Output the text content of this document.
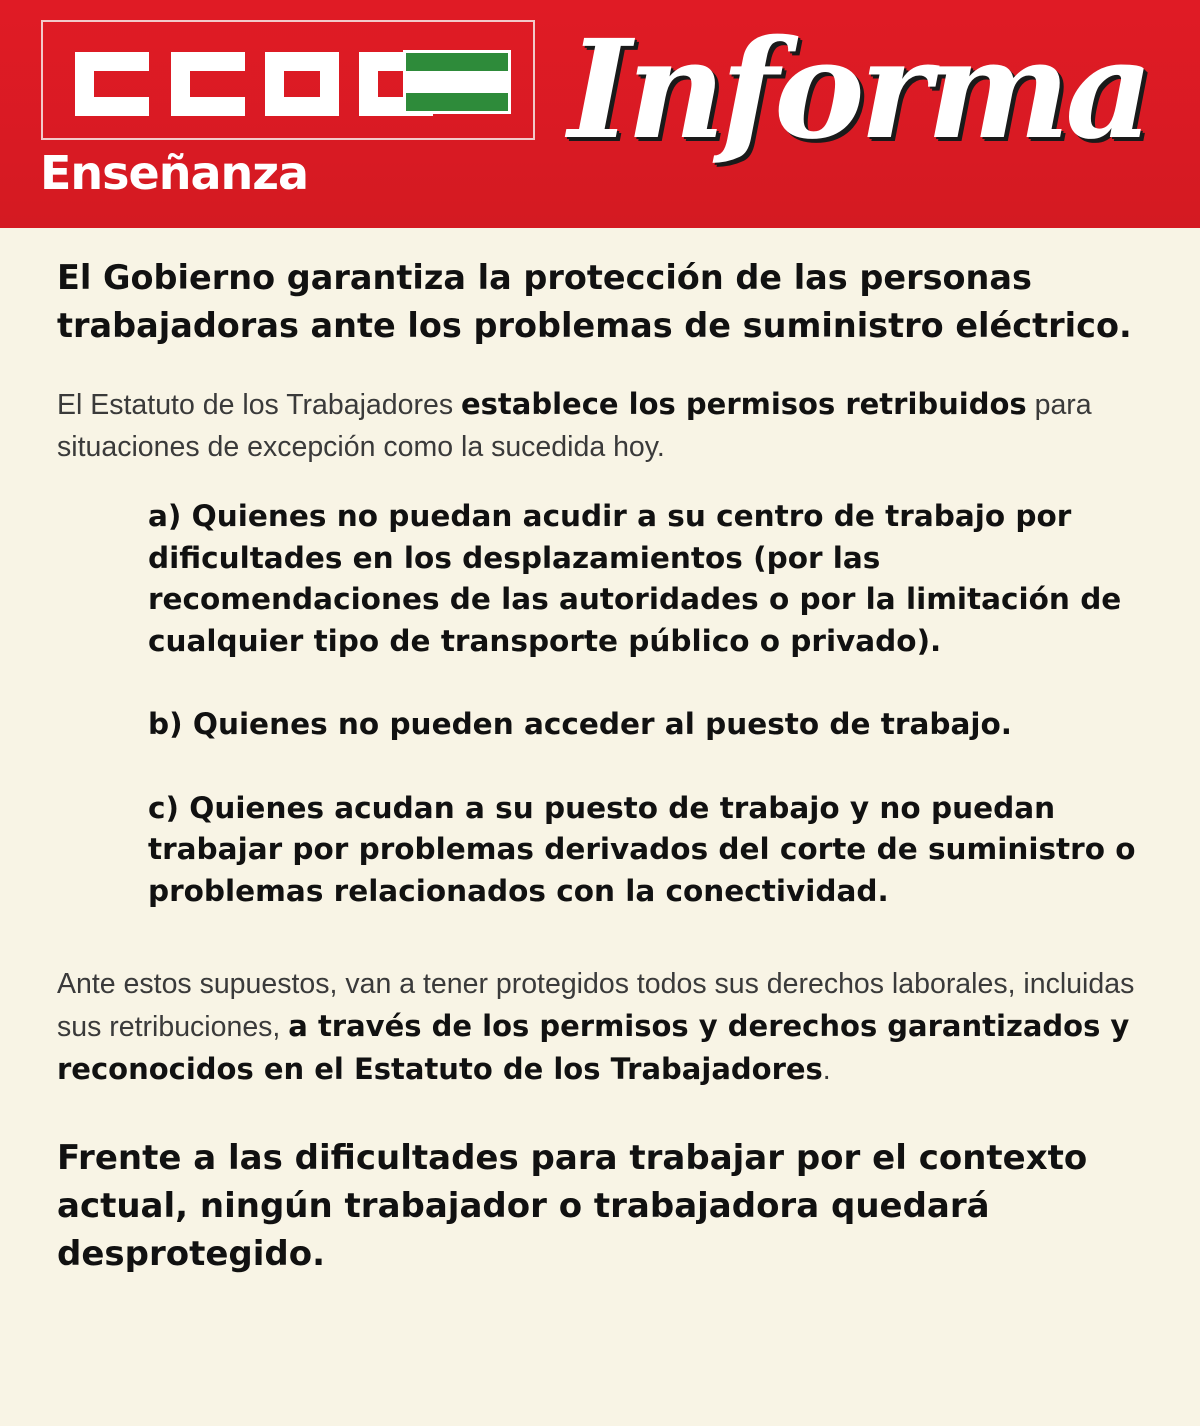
Enseñanza
Informa
El Gobierno garantiza la protección de las personas trabajadoras ante los problemas de suministro eléctrico.

El Estatuto de los Trabajadores establece los permisos retribuidos para situaciones de excepción como la sucedida hoy.

a) Quienes no puedan acudir a su centro de trabajo por dificultades en los desplazamientos (por las recomendaciones de las autoridades o por la limitación de cualquier tipo de transporte público o privado).

b) Quienes no pueden acceder al puesto de trabajo.

c) Quienes acudan a su puesto de trabajo y no puedan trabajar por problemas derivados del corte de suministro o problemas relacionados con la conectividad.

Ante estos supuestos, van a tener protegidos todos sus derechos laborales, incluidas sus retribuciones, a través de los permisos y derechos garantizados y reconocidos en el Estatuto de los Trabajadores.

Frente a las dificultades para trabajar por el contexto actual, ningún trabajador o trabajadora quedará desprotegido.
